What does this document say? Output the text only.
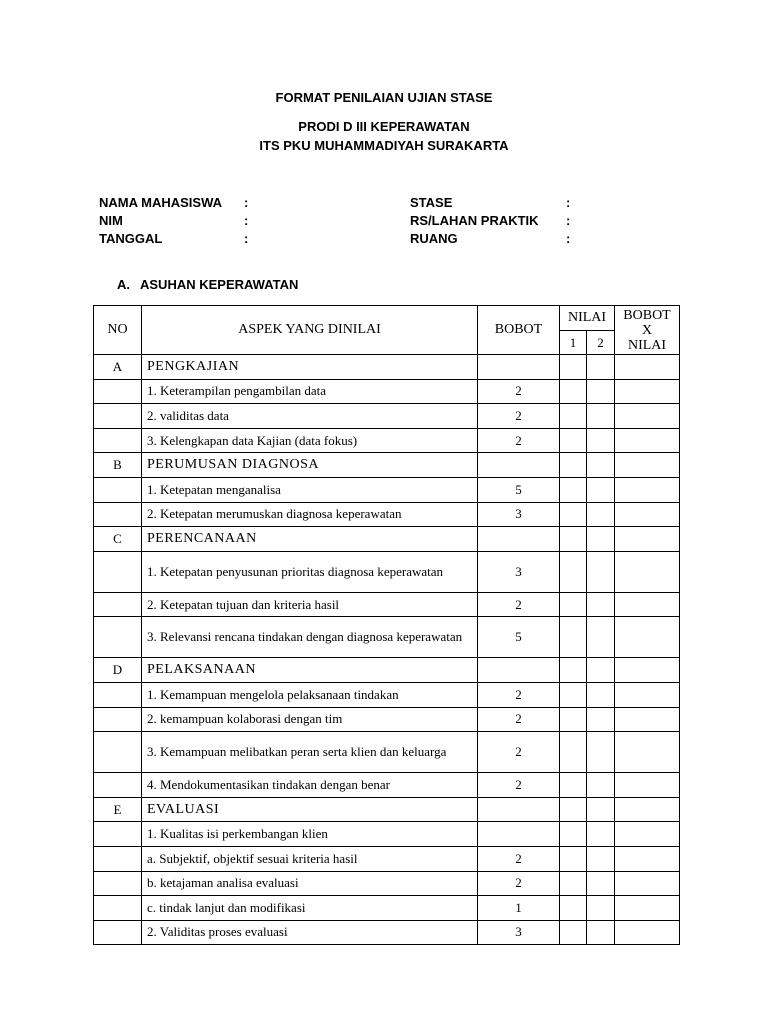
FORMAT PENILAIAN UJIAN STASE
PRODI D III KEPERAWATAN
ITS PKU MUHAMMADIYAH SURAKARTA
NAMA MAHASISWA :
NIM	:
TANGGAL	:
STASE	:
RS/LAHAN PRAKTIK :
RUANG	:
A. ASUHAN KEPERAWATAN
NO	ASPEK YANG DINILAI	BOBOT	NILAI		BOBOT
X
NILAI

			1	2	
A	PENGKAJIAN				
	1. Keterampilan pengambilan data	2			
	2. validitas data	2			
	3. Kelengkapan data Kajian (data fokus)	2			
B	PERUMUSAN DIAGNOSA				
	1. Ketepatan menganalisa	5			
	2. Ketepatan merumuskan diagnosa keperawatan	3			
C	PERENCANAAN				
	1. Ketepatan penyusunan prioritas diagnosa keperawatan	3			
	2. Ketepatan tujuan dan kriteria hasil	2			
	3. Relevansi rencana tindakan dengan diagnosa keperawatan	5			
D	PELAKSANAAN				
	1. Kemampuan mengelola pelaksanaan tindakan	2			
	2. kemampuan kolaborasi dengan tim	2			
	3. Kemampuan melibatkan peran serta klien dan keluarga	2			
	4. Mendokumentasikan tindakan dengan benar	2			
E	EVALUASI				
	1. Kualitas isi perkembangan klien				
	a. Subjektif, objektif sesuai kriteria hasil	2			
	b. ketajaman analisa evaluasi	2			
	c. tindak lanjut dan modifikasi	1			
	2. Validitas proses evaluasi	3			
